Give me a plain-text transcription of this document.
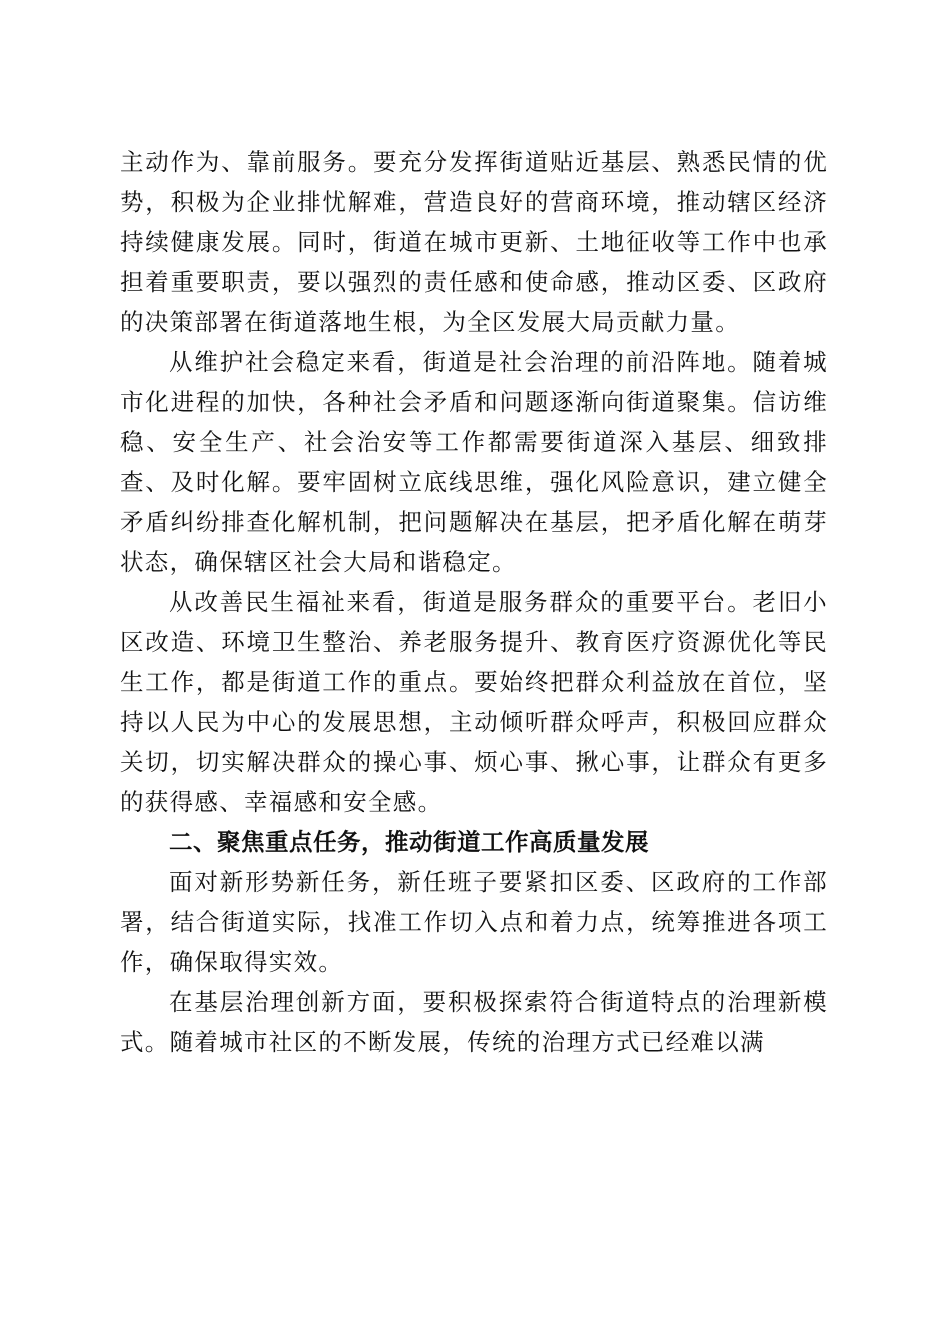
主动作为、靠前服务。要充分发挥街道贴近基层、熟悉民情的优势，积极为企业排忧解难，营造良好的营商环境，推动辖区经济持续健康发展。同时，街道在城市更新、土地征收等工作中也承担着重要职责，要以强烈的责任感和使命感，推动区委、区政府的决策部署在街道落地生根，为全区发展大局贡献力量。

从维护社会稳定来看，街道是社会治理的前沿阵地。随着城市化进程的加快，各种社会矛盾和问题逐渐向街道聚集。信访维稳、安全生产、社会治安等工作都需要街道深入基层、细致排查、及时化解。要牢固树立底线思维，强化风险意识，建立健全矛盾纠纷排查化解机制，把问题解决在基层，把矛盾化解在萌芽状态，确保辖区社会大局和谐稳定。

从改善民生福祉来看，街道是服务群众的重要平台。老旧小区改造、环境卫生整治、养老服务提升、教育医疗资源优化等民生工作，都是街道工作的重点。要始终把群众利益放在首位，坚持以人民为中心的发展思想，主动倾听群众呼声，积极回应群众关切，切实解决群众的操心事、烦心事、揪心事，让群众有更多的获得感、幸福感和安全感。

二、聚焦重点任务，推动街道工作高质量发展

面对新形势新任务，新任班子要紧扣区委、区政府的工作部署，结合街道实际，找准工作切入点和着力点，统筹推进各项工作，确保取得实效。

在基层治理创新方面，要积极探索符合街道特点的治理新模式。随着城市社区的不断发展，传统的治理方式已经难以满
